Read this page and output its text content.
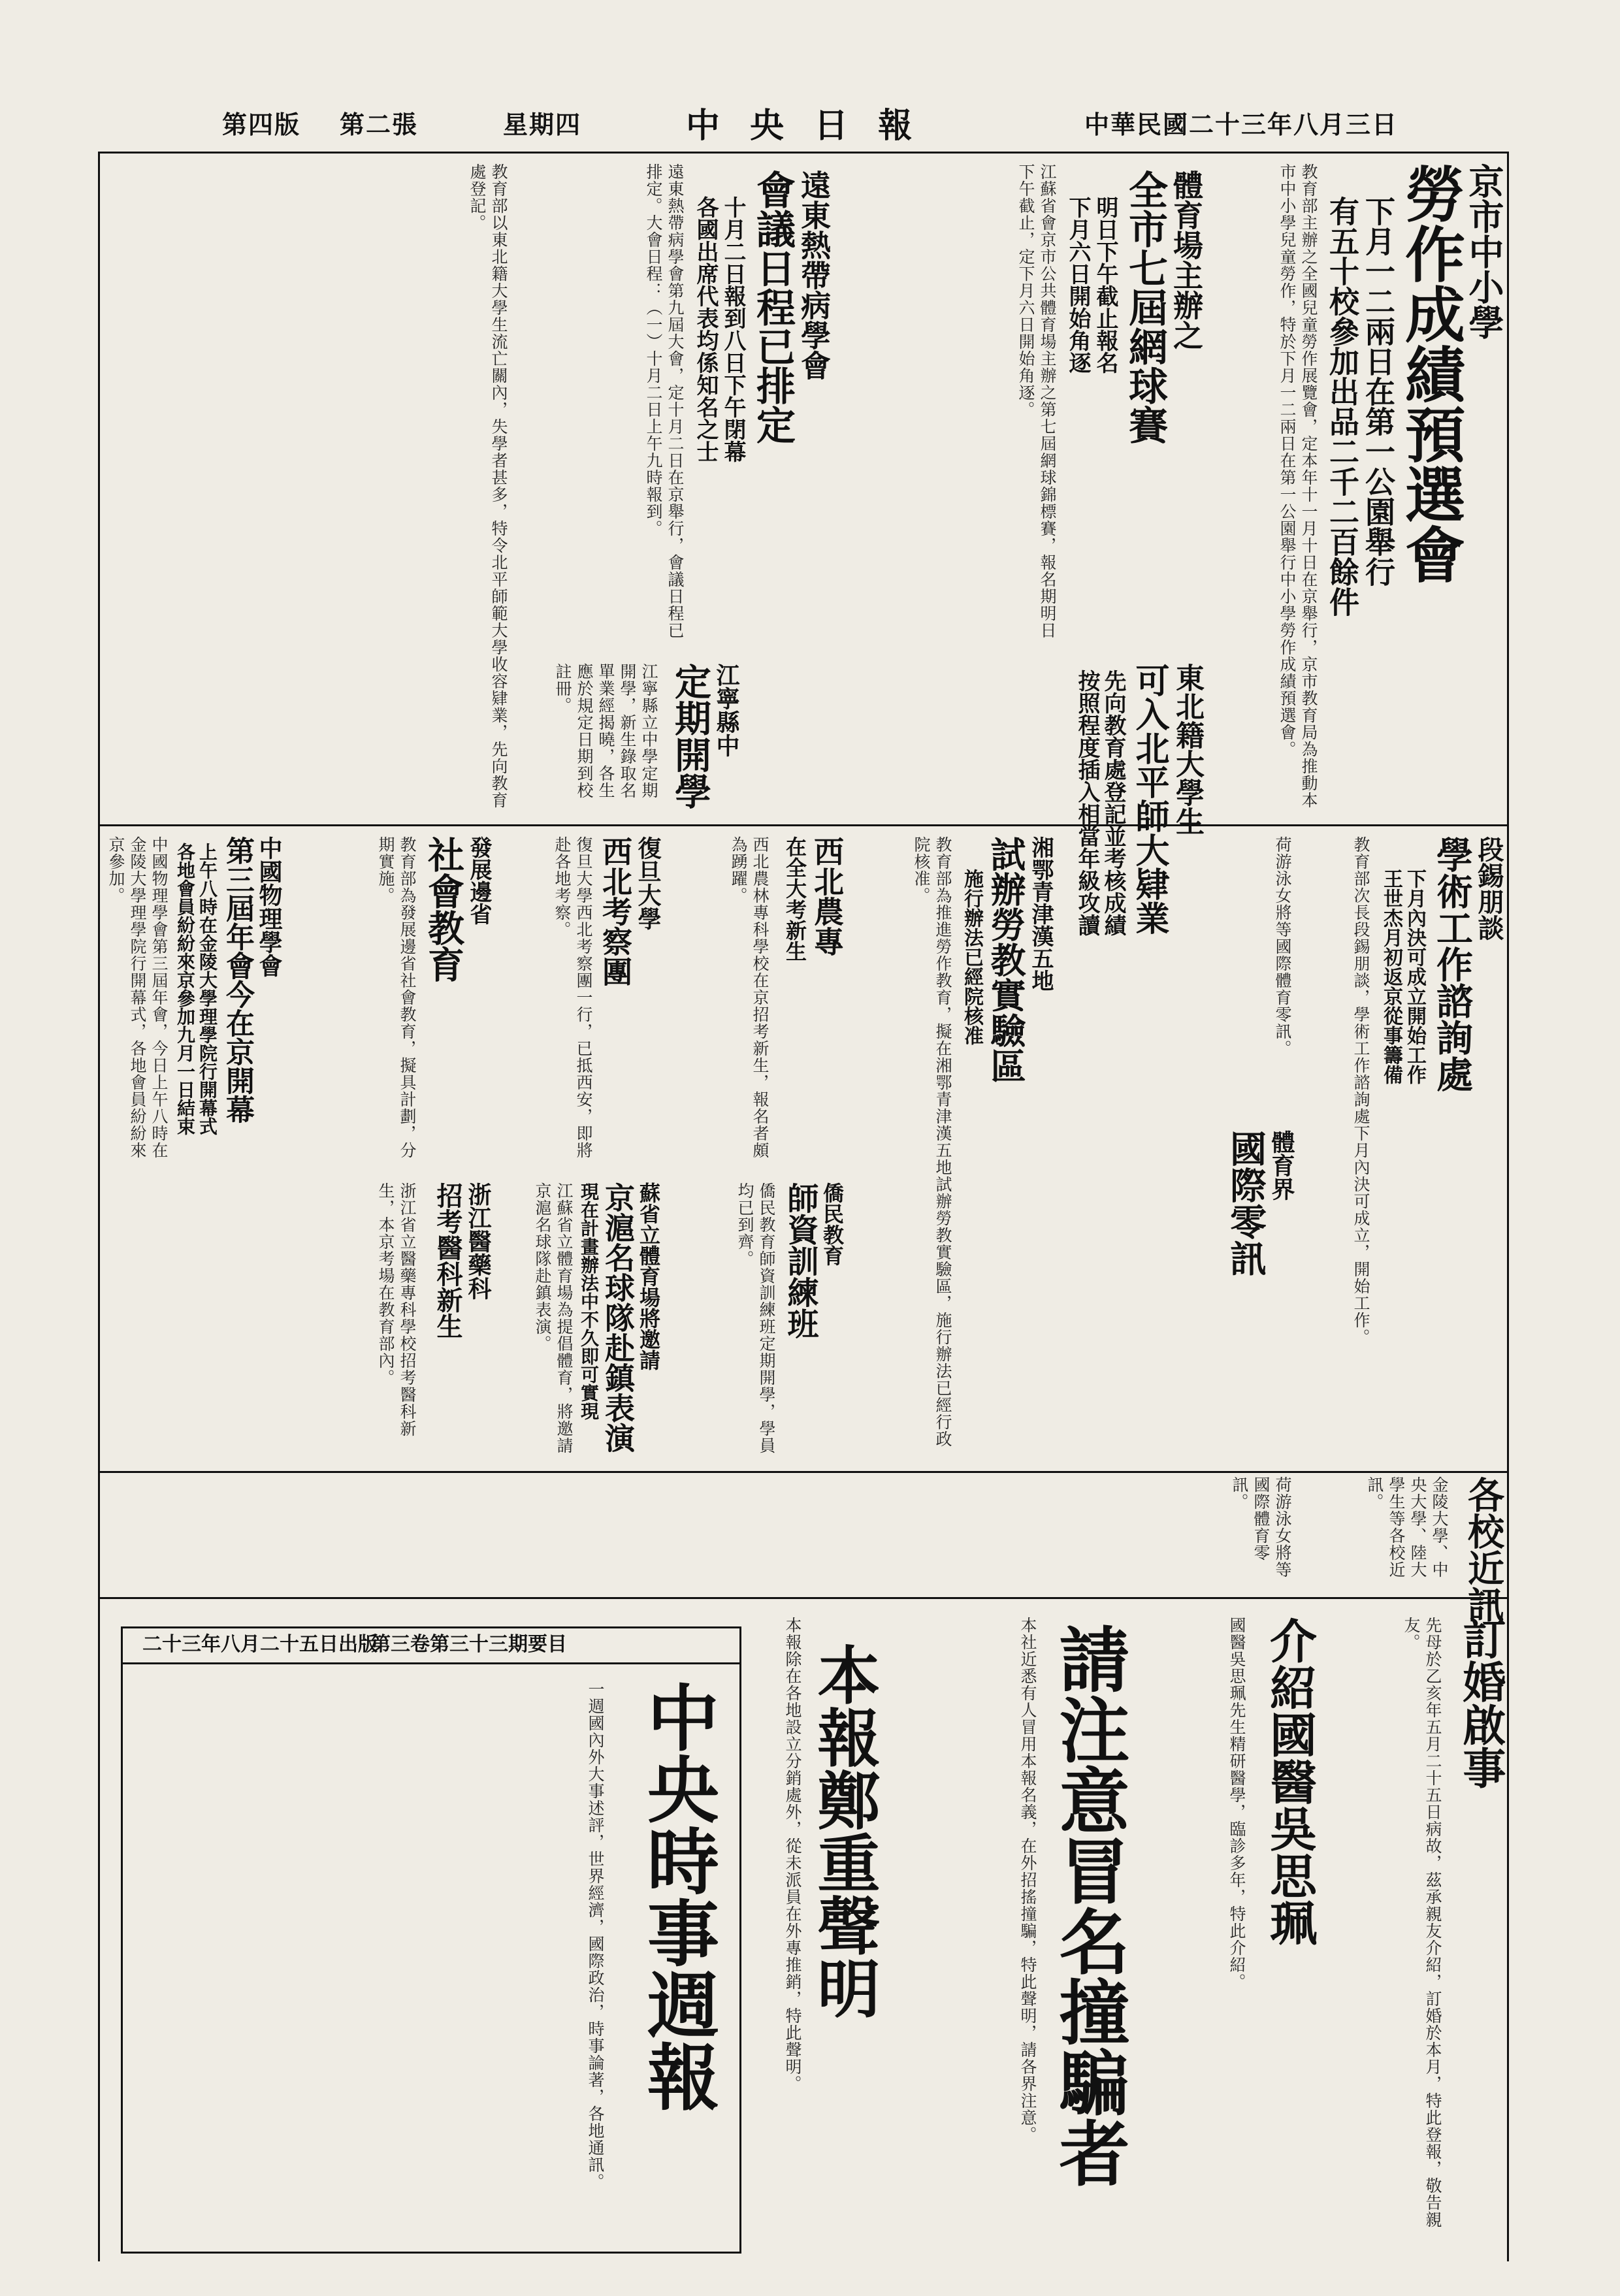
中華民國二十三年八月三日
中 央 日 報
星期四
第二張
第四版
京市中小學
勞作成績預選會
下月一二兩日在第一公園舉行
有五十校參加出品二千二百餘件
教育部主辦之全國兒童勞作展覽會，定本年十一月十日在京舉行，京市教育局為推動本市中小學兒童勞作，特於下月一二兩日在第一公園舉行中小學勞作成績預選會。
體育場主辦之
全市七屆網球賽
明日下午截止報名
下月六日開始角逐
江蘇省會京市公共體育場主辦之第七屆網球錦標賽，報名期明日下午截止，定下月六日開始角逐。
遠東熱帶病學會
會議日程已排定
十月二日報到八日下午閉幕
各國出席代表均係知名之士
遠東熱帶病學會第九屆大會，定十月二日在京舉行，會議日程已排定。大會日程：（一）十月二日上午九時報到。
教育部以東北籍大學生流亡關內，失學者甚多，特令北平師範大學收容肄業，先向教育處登記。
東北籍大學生
可入北平師大肄業
先向教育處登記並考核成績
按照程度插入相當年級攻讀
江寧縣中
定期開學
江寧縣立中學定期開學，新生錄取名單業經揭曉，各生應於規定日期到校註冊。
段錫朋談
學術工作諮詢處
下月內決可成立開始工作
王世杰月初返京從事籌備
教育部次長段錫朋談，學術工作諮詢處下月內決可成立，開始工作。
體育界
國際零訊
荷游泳女將等國際體育零訊。
湘鄂青津漢五地
試辦勞教實驗區
施行辦法已經院核准
教育部為推進勞作教育，擬在湘鄂青津漢五地試辦勞教實驗區，施行辦法已經行政院核准。
西北農專
在全大考新生
西北農林專科學校在京招考新生，報名者頗為踴躍。
復旦大學
西北考察團
復旦大學西北考察團一行，已抵西安，即將赴各地考察。
發展邊省
社會教育
教育部為發展邊省社會教育，擬具計劃，分期實施。
中國物理學會
第三屆年會今在京開幕
上午八時在金陵大學理學院行開幕式
各地會員紛紛來京參加九月一日結束
中國物理學會第三屆年會，今日上午八時在金陵大學理學院行開幕式，各地會員紛紛來京參加。
僑民教育
師資訓練班
僑民教育師資訓練班定期開學，學員均已到齊。
蘇省立體育場將邀請
京滬名球隊赴鎮表演
現在計畫辦法中不久即可實現
江蘇省立體育場為提倡體育，將邀請京滬名球隊赴鎮表演。
浙江醫藥科
招考醫科新生
浙江省立醫藥專科學校招考醫科新生，本京考場在教育部內。
各校近訊
金陵大學、中央大學、陸大學生等各校近訊。
荷游泳女將等國際體育零訊。
訂婚啟事
先母於乙亥年五月二十五日病故，茲承親友介紹，訂婚於本月，特此登報，敬告親友。
介紹國醫吳思珮
國醫吳思珮先生精研醫學，臨診多年，特此介紹。
請注意冒名撞騙者
本社近悉有人冒用本報名義，在外招搖撞騙，特此聲明，請各界注意。
本報鄭重聲明
本報除在各地設立分銷處外，從未派員在外專推銷，特此聲明。
第三卷第三十三期要目
二十三年八月二十五日出版
中央時事週報
一週國內外大事述評，世界經濟，國際政治，時事論著，各地通訊。
